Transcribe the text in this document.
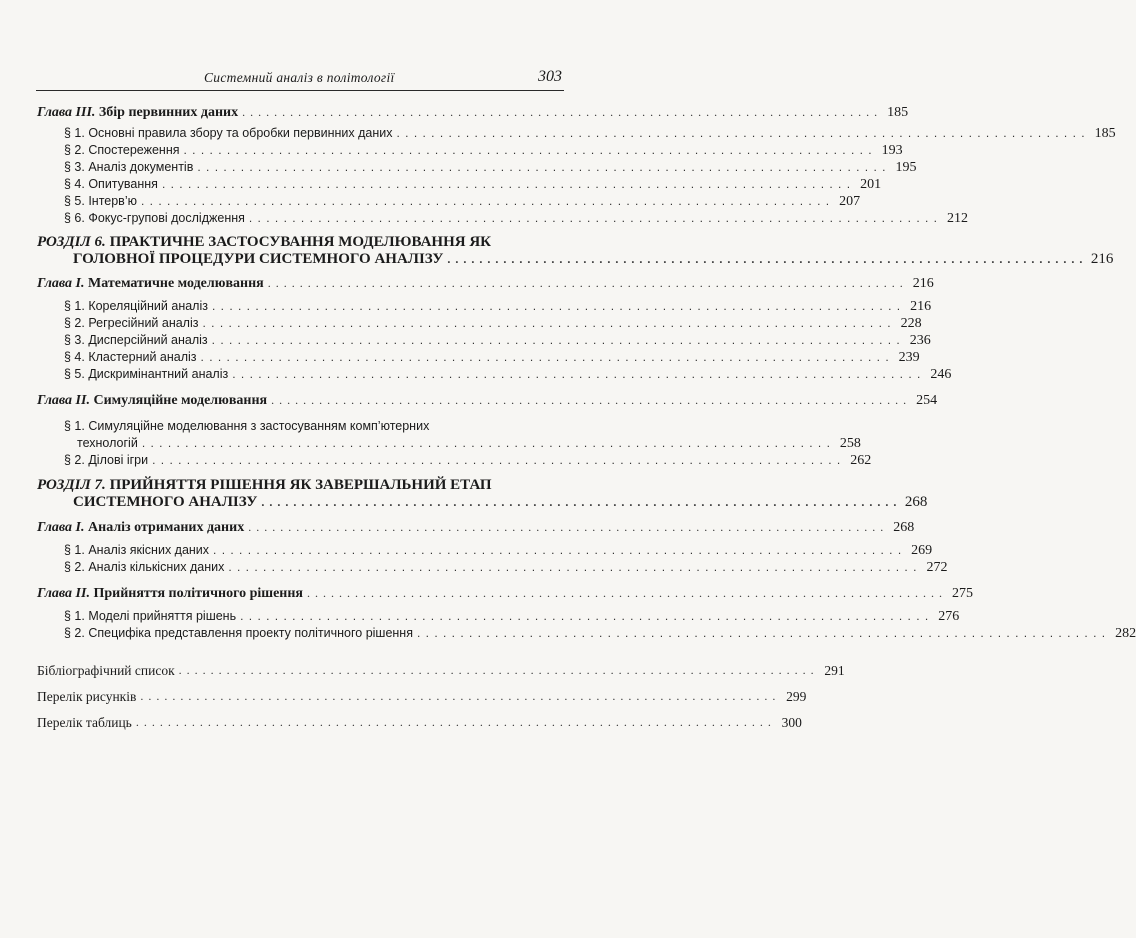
Системний аналіз в політології	303
Глава ІІІ. Збір первинних даних . . . . . . . . . . . . . . . . . . . . . . . . . . . . . . . . . . . . . . . . . . . . . . . . . . . . . . . . . . . . . . . . . . . . . . . . . . . . . . . . 185
§ 1. Основні правила збору та обробки первинних даних . . . . . . . . . . . . . . . . . . . . . . . . . . . . . . . . . . . . . . . . . . . . . . . . . . . . . . . . . . . . . . . . . . . . . . . . . . . . . . . . 185
§ 2. Спостереження . . . . . . . . . . . . . . . . . . . . . . . . . . . . . . . . . . . . . . . . . . . . . . . . . . . . . . . . . . . . . . . . . . . . . . . . . . . . . . . . 193
§ 3. Аналіз документів . . . . . . . . . . . . . . . . . . . . . . . . . . . . . . . . . . . . . . . . . . . . . . . . . . . . . . . . . . . . . . . . . . . . . . . . . . . . . . . . 195
§ 4. Опитування . . . . . . . . . . . . . . . . . . . . . . . . . . . . . . . . . . . . . . . . . . . . . . . . . . . . . . . . . . . . . . . . . . . . . . . . . . . . . . . . 201
§ 5. Інтерв’ю . . . . . . . . . . . . . . . . . . . . . . . . . . . . . . . . . . . . . . . . . . . . . . . . . . . . . . . . . . . . . . . . . . . . . . . . . . . . . . . . 207
§ 6. Фокус-групові дослідження . . . . . . . . . . . . . . . . . . . . . . . . . . . . . . . . . . . . . . . . . . . . . . . . . . . . . . . . . . . . . . . . . . . . . . . . . . . . . . . . 212
РОЗДІЛ 6. ПРАКТИЧНЕ ЗАСТОСУВАННЯ МОДЕЛЮВАННЯ ЯК
ГОЛОВНОЇ ПРОЦЕДУРИ СИСТЕМНОГО АНАЛІЗУ . . . . . . . . . . . . . . . . . . . . . . . . . . . . . . . . . . . . . . . . . . . . . . . . . . . . . . . . . . . . . . . . . . . . . . . . . . . . . . . . 216
Глава І. Математичне моделювання . . . . . . . . . . . . . . . . . . . . . . . . . . . . . . . . . . . . . . . . . . . . . . . . . . . . . . . . . . . . . . . . . . . . . . . . . . . . . . . . 216
§ 1. Кореляційний аналіз . . . . . . . . . . . . . . . . . . . . . . . . . . . . . . . . . . . . . . . . . . . . . . . . . . . . . . . . . . . . . . . . . . . . . . . . . . . . . . . . 216
§ 2. Регресійний аналіз . . . . . . . . . . . . . . . . . . . . . . . . . . . . . . . . . . . . . . . . . . . . . . . . . . . . . . . . . . . . . . . . . . . . . . . . . . . . . . . . 228
§ 3. Дисперсійний аналіз . . . . . . . . . . . . . . . . . . . . . . . . . . . . . . . . . . . . . . . . . . . . . . . . . . . . . . . . . . . . . . . . . . . . . . . . . . . . . . . . 236
§ 4. Кластерний аналіз . . . . . . . . . . . . . . . . . . . . . . . . . . . . . . . . . . . . . . . . . . . . . . . . . . . . . . . . . . . . . . . . . . . . . . . . . . . . . . . . 239
§ 5. Дискримінантний аналіз . . . . . . . . . . . . . . . . . . . . . . . . . . . . . . . . . . . . . . . . . . . . . . . . . . . . . . . . . . . . . . . . . . . . . . . . . . . . . . . . 246
Глава ІІ. Симуляційне моделювання . . . . . . . . . . . . . . . . . . . . . . . . . . . . . . . . . . . . . . . . . . . . . . . . . . . . . . . . . . . . . . . . . . . . . . . . . . . . . . . . 254
§ 1. Симуляційне моделювання з застосуванням комп’ютерних
технологій . . . . . . . . . . . . . . . . . . . . . . . . . . . . . . . . . . . . . . . . . . . . . . . . . . . . . . . . . . . . . . . . . . . . . . . . . . . . . . . . 258
§ 2. Ділові ігри . . . . . . . . . . . . . . . . . . . . . . . . . . . . . . . . . . . . . . . . . . . . . . . . . . . . . . . . . . . . . . . . . . . . . . . . . . . . . . . . 262
РОЗДІЛ 7. ПРИЙНЯТТЯ РІШЕННЯ ЯК ЗАВЕРШАЛЬНИЙ ЕТАП
СИСТЕМНОГО АНАЛІЗУ . . . . . . . . . . . . . . . . . . . . . . . . . . . . . . . . . . . . . . . . . . . . . . . . . . . . . . . . . . . . . . . . . . . . . . . . . . . . . . . . 268
Глава І. Аналіз отриманих даних . . . . . . . . . . . . . . . . . . . . . . . . . . . . . . . . . . . . . . . . . . . . . . . . . . . . . . . . . . . . . . . . . . . . . . . . . . . . . . . . 268
§ 1. Аналіз якісних даних . . . . . . . . . . . . . . . . . . . . . . . . . . . . . . . . . . . . . . . . . . . . . . . . . . . . . . . . . . . . . . . . . . . . . . . . . . . . . . . . 269
§ 2. Аналіз кількісних даних . . . . . . . . . . . . . . . . . . . . . . . . . . . . . . . . . . . . . . . . . . . . . . . . . . . . . . . . . . . . . . . . . . . . . . . . . . . . . . . . 272
Глава ІІ. Прийняття політичного рішення . . . . . . . . . . . . . . . . . . . . . . . . . . . . . . . . . . . . . . . . . . . . . . . . . . . . . . . . . . . . . . . . . . . . . . . . . . . . . . . . 275
§ 1. Моделі прийняття рішень . . . . . . . . . . . . . . . . . . . . . . . . . . . . . . . . . . . . . . . . . . . . . . . . . . . . . . . . . . . . . . . . . . . . . . . . . . . . . . . . 276
§ 2. Специфіка представлення проекту політичного рішення . . . . . . . . . . . . . . . . . . . . . . . . . . . . . . . . . . . . . . . . . . . . . . . . . . . . . . . . . . . . . . . . . . . . . . . . . . . . . . . . 282
Бібліографічний список . . . . . . . . . . . . . . . . . . . . . . . . . . . . . . . . . . . . . . . . . . . . . . . . . . . . . . . . . . . . . . . . . . . . . . . . . . . . . . . . 291
Перелік рисунків . . . . . . . . . . . . . . . . . . . . . . . . . . . . . . . . . . . . . . . . . . . . . . . . . . . . . . . . . . . . . . . . . . . . . . . . . . . . . . . . 299
Перелік таблиць . . . . . . . . . . . . . . . . . . . . . . . . . . . . . . . . . . . . . . . . . . . . . . . . . . . . . . . . . . . . . . . . . . . . . . . . . . . . . . . . 300
